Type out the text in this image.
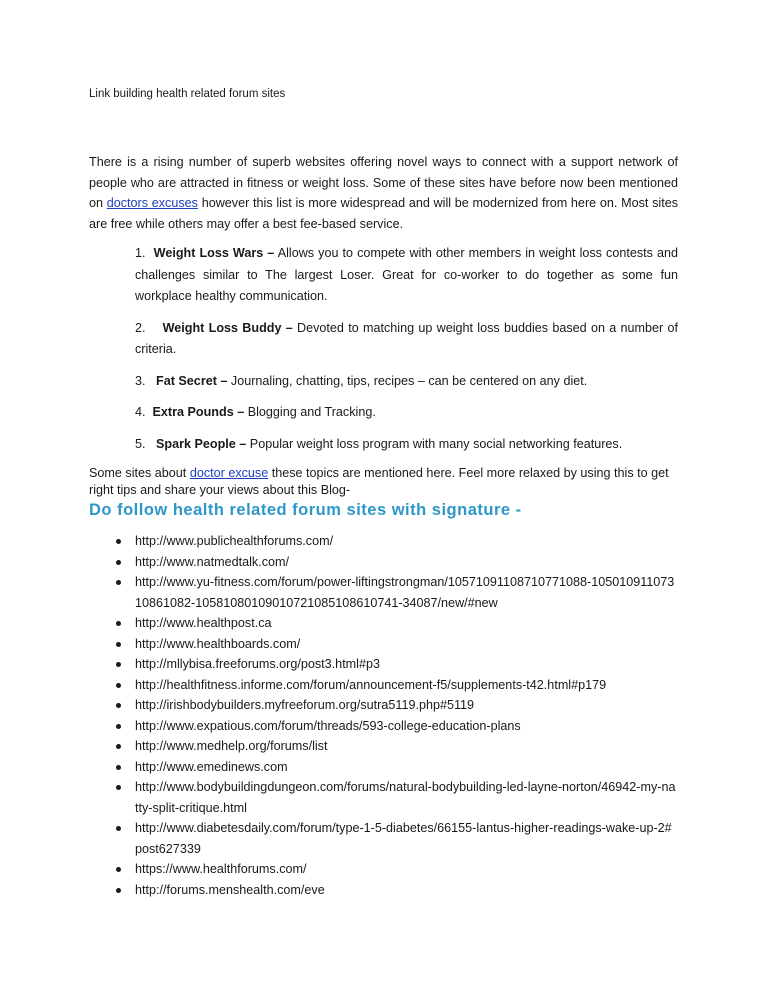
Link building health related forum sites

There is a rising number of superb websites offering novel ways to connect with a support network of people who are attracted in fitness or weight loss. Some of these sites have before now been mentioned on doctors excuses however this list is more widespread and will be modernized from here on. Most sites are free while others may offer a best fee-based service.

1. Weight Loss Wars – Allows you to compete with other members in weight loss contests and challenges similar to The largest Loser. Great for co-worker to do together as some fun workplace healthy communication.
2. Weight Loss Buddy – Devoted to matching up weight loss buddies based on a number of criteria.
3. Fat Secret – Journaling, chatting, tips, recipes – can be centered on any diet.
4. Extra Pounds – Blogging and Tracking.
5. Spark People – Popular weight loss program with many social networking features.

Some sites about doctor excuse these topics are mentioned here. Feel more relaxed by using this to get right tips and share your views about this Blog-

Do follow health related forum sites with signature -
http://www.publichealthforums.com/
http://www.natmedtalk.com/
http://www.yu-fitness.com/forum/power-liftingstrongman/10571091108710771088-10501091107310861082-10581080109010721085108610741-34087/new/#new
http://www.healthpost.ca
http://www.healthboards.com/
http://mllybisa.freeforums.org/post3.html#p3
http://healthfitness.informe.com/forum/announcement-f5/supplements-t42.html#p179
http://irishbodybuilders.myfreeforum.org/sutra5119.php#5119
http://www.expatious.com/forum/threads/593-college-education-plans
http://www.medhelp.org/forums/list
http://www.emedinews.com
http://www.bodybuildingdungeon.com/forums/natural-bodybuilding-led-layne-norton/46942-my-natty-split-critique.html
http://www.diabetesdaily.com/forum/type-1-5-diabetes/66155-lantus-higher-readings-wake-up-2#post627339
https://www.healthforums.com/
http://forums.menshealth.com/eve
